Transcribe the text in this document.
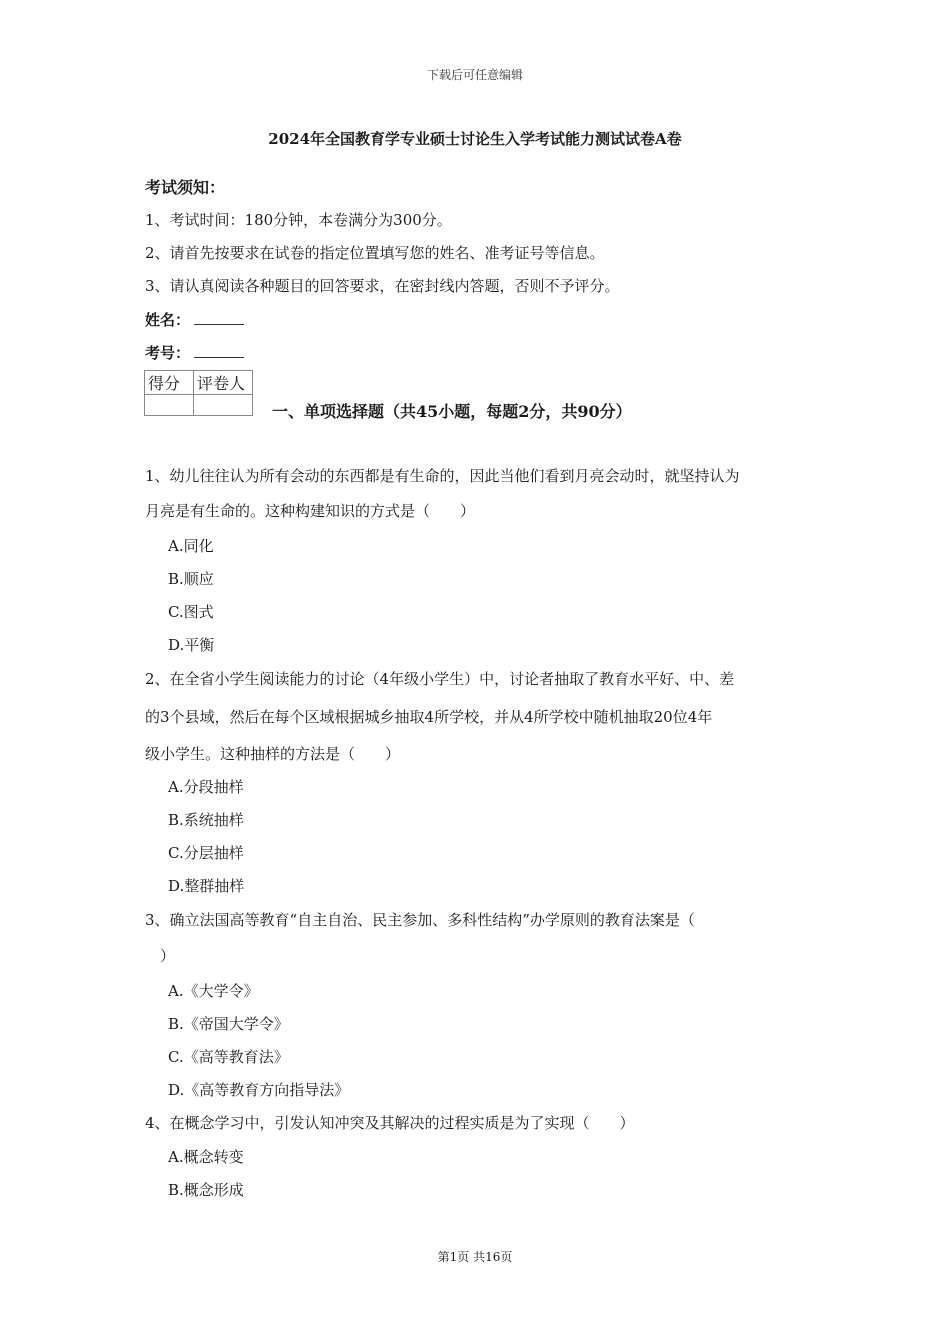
下载后可任意编辑
2024年全国教育学专业硕士讨论生入学考试能力测试试卷A卷
考试须知：
1、考试时间：180分钟，本卷满分为300分。
2、请首先按要求在试卷的指定位置填写您的姓名、准考证号等信息。
3、请认真阅读各种题目的回答要求，在密封线内答题，否则不予评分。
姓名：
考号：
得分	评卷人

一、单项选择题（共45小题，每题2分，共90分）
1、幼儿往往认为所有会动的东西都是有生命的，因此当他们看到月亮会动时，就坚持认为
月亮是有生命的。这种构建知识的方式是（　　）
A.同化
B.顺应
C.图式
D.平衡
2、在全省小学生阅读能力的讨论（4年级小学生）中，讨论者抽取了教育水平好、中、差
的3个县域，然后在每个区域根据城乡抽取4所学校，并从4所学校中随机抽取20位4年
级小学生。这种抽样的方法是（　　）
A.分段抽样
B.系统抽样
C.分层抽样
D.整群抽样
3、确立法国高等教育“自主自治、民主参加、多科性结构”办学原则的教育法案是（
　）
A.《大学令》
B.《帝国大学令》
C.《高等教育法》
D.《高等教育方向指导法》
4、在概念学习中，引发认知冲突及其解决的过程实质是为了实现（　　）
A.概念转变
B.概念形成
第1页 共16页
